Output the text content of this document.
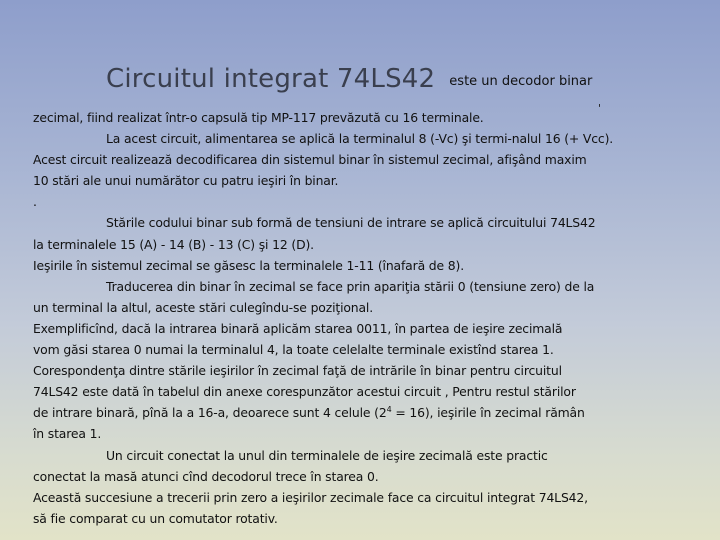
Circuitul integrat 74LS42 este un decodor binar
'
zecimal, fiind realizat într-o capsulă tip MP-117 prevăzută cu 16 terminale.
La acest circuit, alimentarea se aplică la terminalul 8 (-Vc) şi termi-nalul 16 (+ Vcc).
Acest circuit realizează decodificarea din sistemul binar în sistemul zecimal, afişând maxim
10 stări ale unui numărător cu patru ieşiri în binar.
.
Stările codului binar sub formă de tensiuni de intrare se aplică circuitului 74LS42
la terminalele 15 (A) - 14 (B) - 13 (C) şi 12 (D).
Ieşirile în sistemul zecimal se găsesc la terminalele 1-11 (înafară de 8).
Traducerea din binar în zecimal se face prin apariţia stării 0 (tensiune zero) de la
un terminal la altul, aceste stări culegîndu-se poziţional.
Exemplificînd, dacă la intrarea binară aplicăm starea 0011, în partea de ieşire zecimală
vom găsi starea 0 numai la terminalul 4, la toate celelalte terminale existînd starea 1.
Corespondenţa dintre stările ieşirilor în zecimal faţă de intrările în binar pentru circuitul
74LS42 este dată în tabelul din anexe corespunzător acestui circuit , Pentru restul stărilor
de intrare binară, pînă la a 16-a, deoarece sunt 4 celule $(2^4 = 16)$, ieşirile în zecimal rămân
în starea 1.
Un circuit conectat la unul din terminalele de ieşire zecimală este practic
conectat la masă atunci cînd decodorul trece în starea 0.
Această succesiune a trecerii prin zero a ieşirilor zecimale face ca circuitul integrat 74LS42,
să fie comparat cu un comutator rotativ.
